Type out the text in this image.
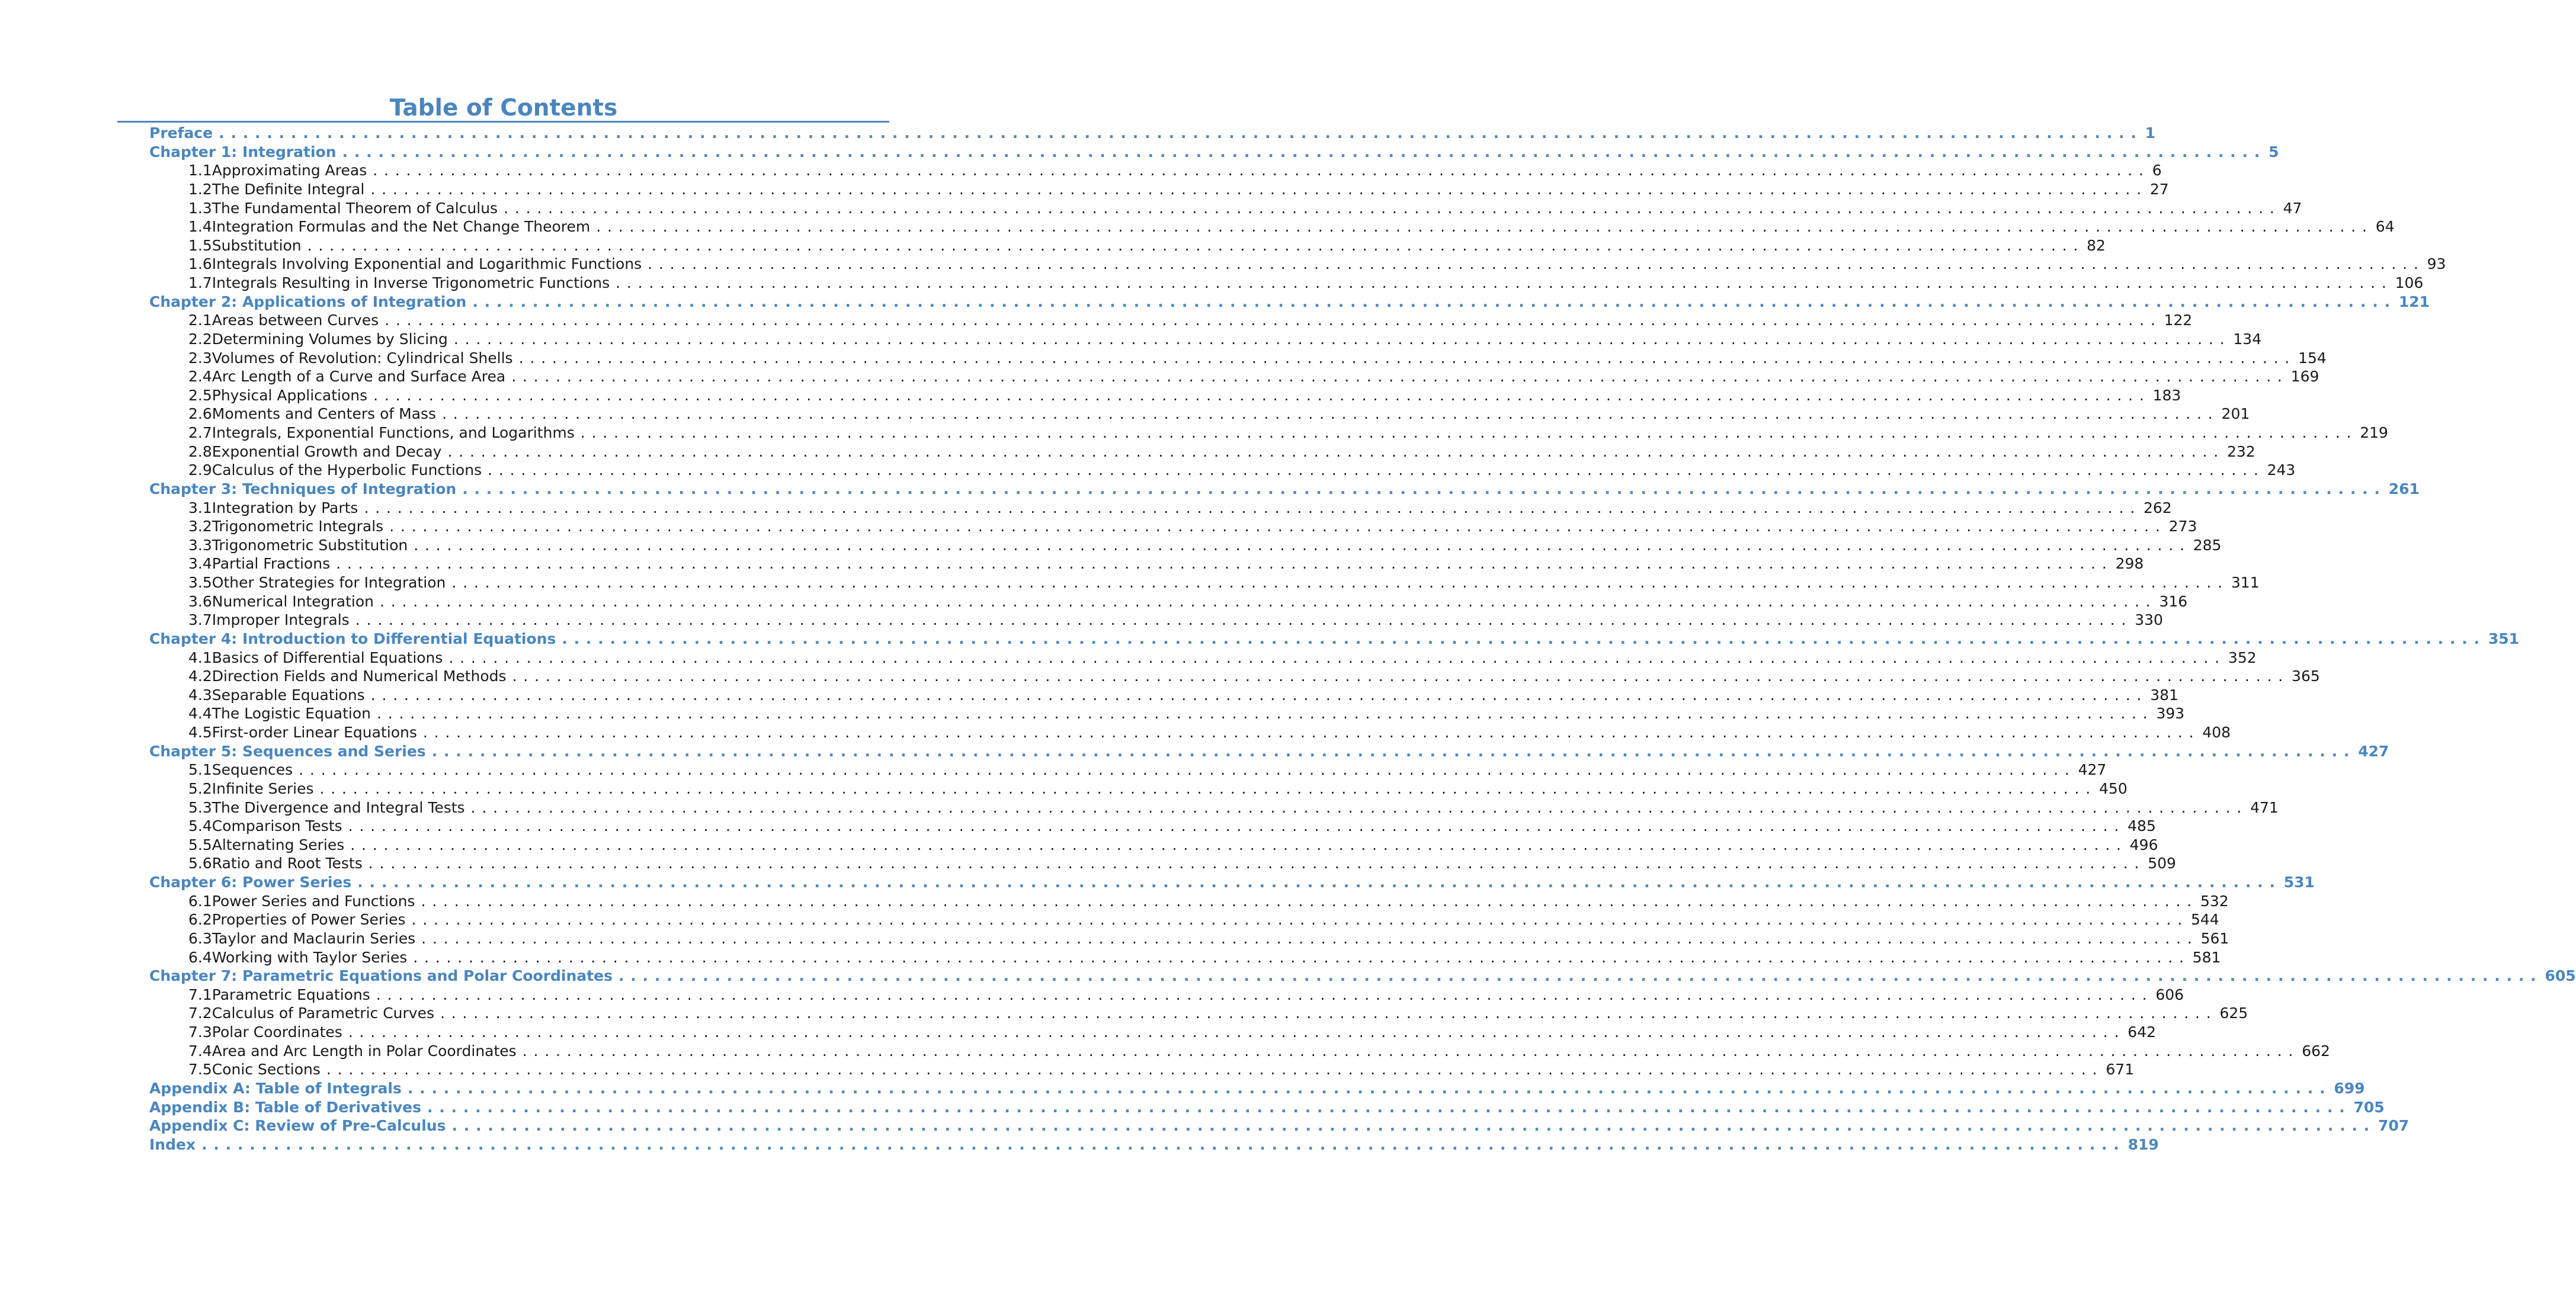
Table of Contents
Preface ................................................................................................................................................................ 1
Chapter 1: Integration ................................................................................................................................................................ 5
1.1 Approximating Areas ................................................................................................................................................................ 6
1.2 The Definite Integral ................................................................................................................................................................ 27
1.3 The Fundamental Theorem of Calculus ................................................................................................................................................................ 47
1.4 Integration Formulas and the Net Change Theorem ................................................................................................................................................................ 64
1.5 Substitution ................................................................................................................................................................ 82
1.6 Integrals Involving Exponential and Logarithmic Functions ................................................................................................................................................................ 93
1.7 Integrals Resulting in Inverse Trigonometric Functions ................................................................................................................................................................ 106
Chapter 2: Applications of Integration ................................................................................................................................................................ 121
2.1 Areas between Curves ................................................................................................................................................................ 122
2.2 Determining Volumes by Slicing ................................................................................................................................................................ 134
2.3 Volumes of Revolution: Cylindrical Shells ................................................................................................................................................................ 154
2.4 Arc Length of a Curve and Surface Area ................................................................................................................................................................ 169
2.5 Physical Applications ................................................................................................................................................................ 183
2.6 Moments and Centers of Mass ................................................................................................................................................................ 201
2.7 Integrals, Exponential Functions, and Logarithms ................................................................................................................................................................ 219
2.8 Exponential Growth and Decay ................................................................................................................................................................ 232
2.9 Calculus of the Hyperbolic Functions ................................................................................................................................................................ 243
Chapter 3: Techniques of Integration ................................................................................................................................................................ 261
3.1 Integration by Parts ................................................................................................................................................................ 262
3.2 Trigonometric Integrals ................................................................................................................................................................ 273
3.3 Trigonometric Substitution ................................................................................................................................................................ 285
3.4 Partial Fractions ................................................................................................................................................................ 298
3.5 Other Strategies for Integration ................................................................................................................................................................ 311
3.6 Numerical Integration ................................................................................................................................................................ 316
3.7 Improper Integrals ................................................................................................................................................................ 330
Chapter 4: Introduction to Differential Equations ................................................................................................................................................................ 351
4.1 Basics of Differential Equations ................................................................................................................................................................ 352
4.2 Direction Fields and Numerical Methods ................................................................................................................................................................ 365
4.3 Separable Equations ................................................................................................................................................................ 381
4.4 The Logistic Equation ................................................................................................................................................................ 393
4.5 First-order Linear Equations ................................................................................................................................................................ 408
Chapter 5: Sequences and Series ................................................................................................................................................................ 427
5.1 Sequences ................................................................................................................................................................ 427
5.2 Infinite Series ................................................................................................................................................................ 450
5.3 The Divergence and Integral Tests ................................................................................................................................................................ 471
5.4 Comparison Tests ................................................................................................................................................................ 485
5.5 Alternating Series ................................................................................................................................................................ 496
5.6 Ratio and Root Tests ................................................................................................................................................................ 509
Chapter 6: Power Series ................................................................................................................................................................ 531
6.1 Power Series and Functions ................................................................................................................................................................ 532
6.2 Properties of Power Series ................................................................................................................................................................ 544
6.3 Taylor and Maclaurin Series ................................................................................................................................................................ 561
6.4 Working with Taylor Series ................................................................................................................................................................ 581
Chapter 7: Parametric Equations and Polar Coordinates ................................................................................................................................................................ 605
7.1 Parametric Equations ................................................................................................................................................................ 606
7.2 Calculus of Parametric Curves ................................................................................................................................................................ 625
7.3 Polar Coordinates ................................................................................................................................................................ 642
7.4 Area and Arc Length in Polar Coordinates ................................................................................................................................................................ 662
7.5 Conic Sections ................................................................................................................................................................ 671
Appendix A: Table of Integrals ................................................................................................................................................................ 699
Appendix B: Table of Derivatives ................................................................................................................................................................ 705
Appendix C: Review of Pre-Calculus ................................................................................................................................................................ 707
Index ................................................................................................................................................................ 819
